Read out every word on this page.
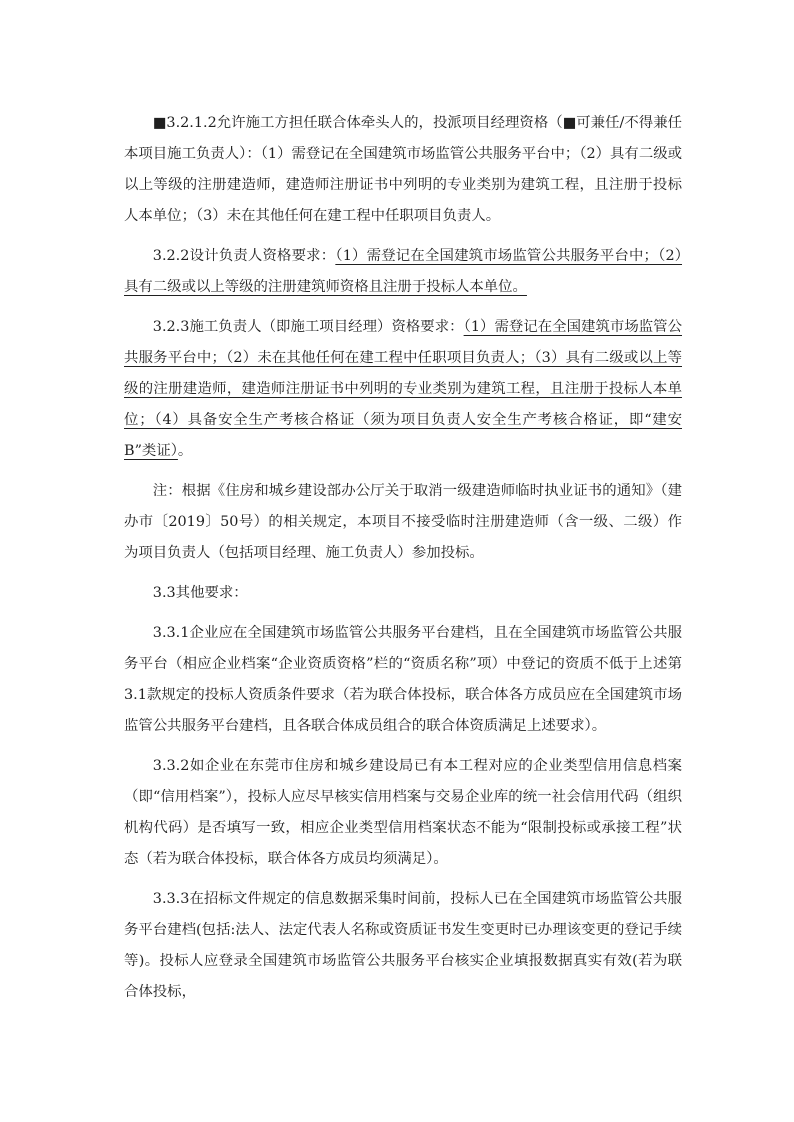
■3.2.1.2允许施工方担任联合体牵头人的，投派项目经理资格（■可兼任/不得兼任本项目施工负责人）：（1）需登记在全国建筑市场监管公共服务平台中；（2）具有二级或以上等级的注册建造师，建造师注册证书中列明的专业类别为建筑工程，且注册于投标人本单位；（3）未在其他任何在建工程中任职项目负责人。

3.2.2设计负责人资格要求：（1）需登记在全国建筑市场监管公共服务平台中；（2）具有二级或以上等级的注册建筑师资格且注册于投标人本单位。

3.2.3施工负责人（即施工项目经理）资格要求：（1）需登记在全国建筑市场监管公共服务平台中；（2）未在其他任何在建工程中任职项目负责人；（3）具有二级或以上等级的注册建造师，建造师注册证书中列明的专业类别为建筑工程，且注册于投标人本单位；（4）具备安全生产考核合格证（须为项目负责人安全生产考核合格证，即“建安B”类证）。

注：根据《住房和城乡建设部办公厅关于取消一级建造师临时执业证书的通知》（建办市〔2019〕50号）的相关规定，本项目不接受临时注册建造师（含一级、二级）作为项目负责人（包括项目经理、施工负责人）参加投标。

3.3其他要求：

3.3.1企业应在全国建筑市场监管公共服务平台建档，且在全国建筑市场监管公共服务平台（相应企业档案“企业资质资格”栏的“资质名称”项）中登记的资质不低于上述第3.1款规定的投标人资质条件要求（若为联合体投标，联合体各方成员应在全国建筑市场监管公共服务平台建档，且各联合体成员组合的联合体资质满足上述要求）。

3.3.2如企业在东莞市住房和城乡建设局已有本工程对应的企业类型信用信息档案（即“信用档案”），投标人应尽早核实信用档案与交易企业库的统一社会信用代码（组织机构代码）是否填写一致，相应企业类型信用档案状态不能为“限制投标或承接工程”状态（若为联合体投标，联合体各方成员均须满足）。

3.3.3在招标文件规定的信息数据采集时间前，投标人已在全国建筑市场监管公共服务平台建档(包括:法人、法定代表人名称或资质证书发生变更时已办理该变更的登记手续等)。投标人应登录全国建筑市场监管公共服务平台核实企业填报数据真实有效(若为联合体投标，
